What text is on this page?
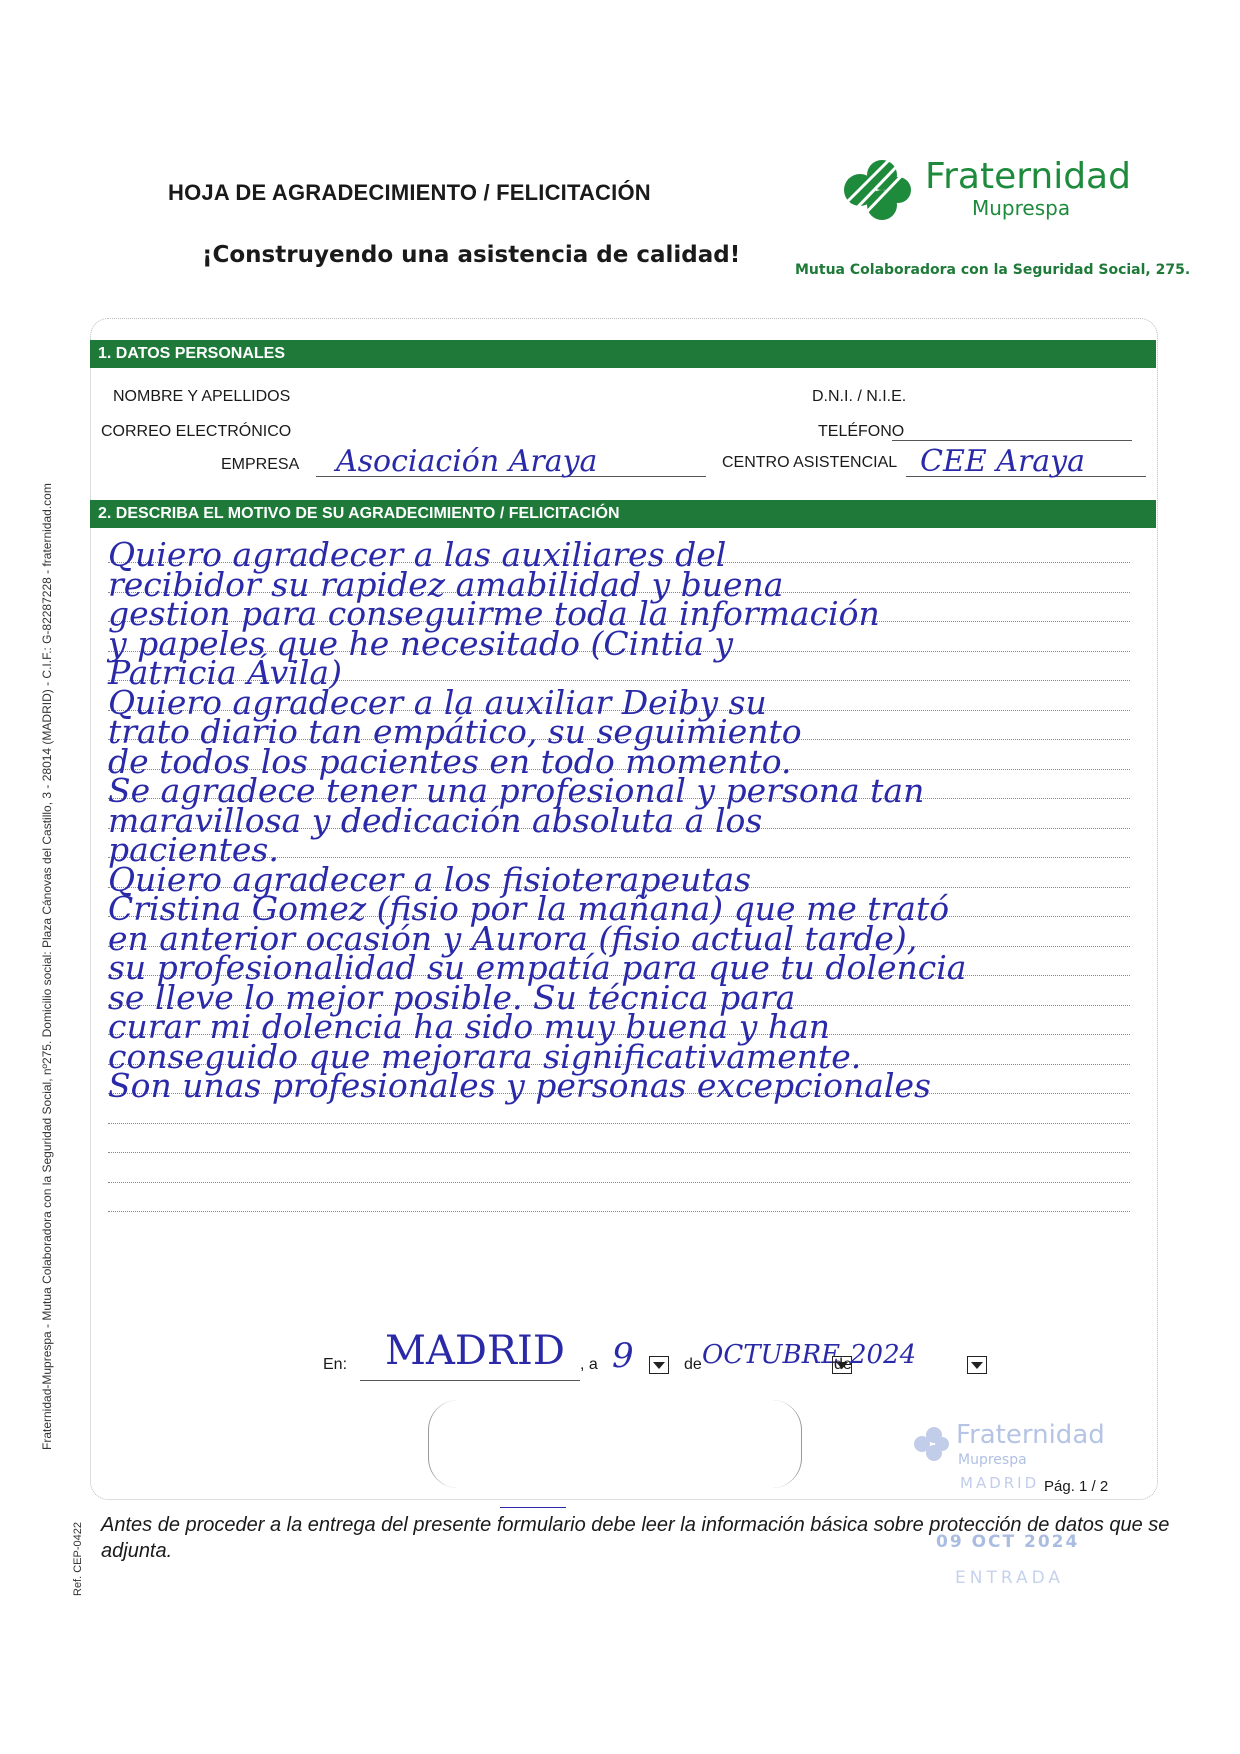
HOJA DE AGRADECIMIENTO / FELICITACIÓN
¡Construyendo una asistencia de calidad!
Fraternidad
Muprespa
Mutua Colaboradora con la Seguridad Social, 275.
1. DATOS PERSONALES
NOMBRE Y APELLIDOS	D.N.I. / N.I.E.
CORREO ELECTRÓNICO	TELÉFONO
EMPRESA Asociación Araya	CENTRO ASISTENCIAL CEE Araya
2. DESCRIBA EL MOTIVO DE SU AGRADECIMIENTO / FELICITACIÓN
Quiero agradecer a las auxiliares del
recibidor su rapidez amabilidad y buena
gestion para conseguirme toda la información
y papeles que he necesitado (Cintia y
Patricia Ávila)
Quiero agradecer a la auxiliar Deiby su
trato diario tan empático, su seguimiento
de todos los pacientes en todo momento.
Se agradece tener una profesional y persona tan
maravillosa y dedicación absoluta a los
pacientes.
Quiero agradecer a los fisioterapeutas
Cristina Gomez (fisio por la mañana) que me trató
en anterior ocasión y Aurora (fisio actual tarde),
su profesionalidad su empatía para que tu dolencia
se lleve lo mejor posible. Su técnica para
curar mi dolencia ha sido muy buena y han
conseguido que mejorara significativamente.
Son unas profesionales y personas excepcionales
En: MADRID , a 9
	de OCTUBRE

de
2024
Fraternidad
Muprespa
MADRID
09 OCT 2024
ENTRADA
Pág. 1 / 2
Antes de proceder a la entrega del presente formulario debe leer la información básica sobre protección de datos que se adjunta.
Fraternidad-Muprespa - Mutua Colaboradora con la Seguridad Social, nº275. Domicilio social: Plaza Cánovas del Castillo, 3 - 28014 (MADRID) - C.I.F.: G-82287228 - fraternidad.com
Ref. CEP-0422
